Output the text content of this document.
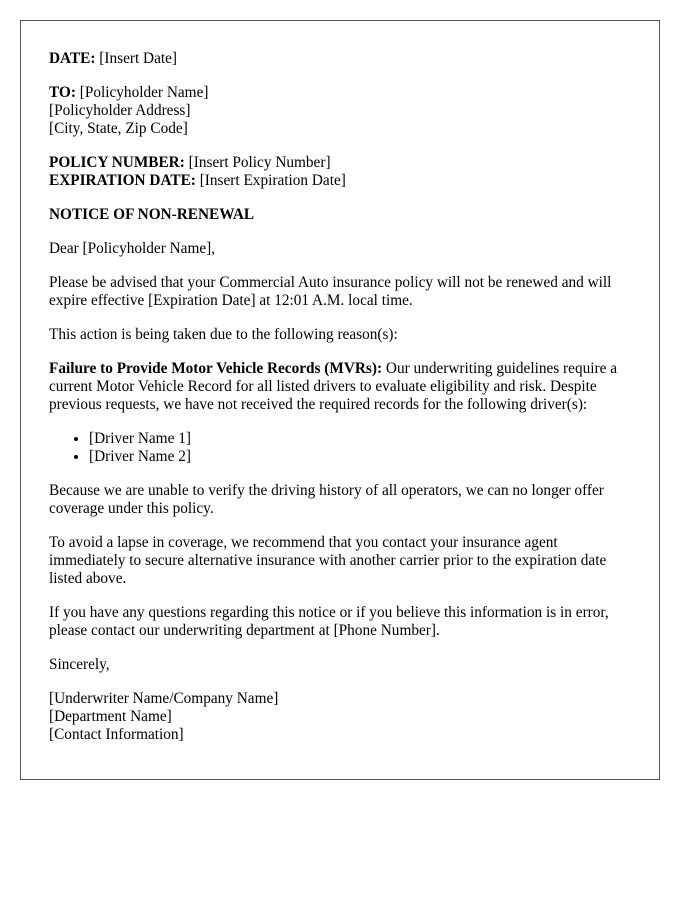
DATE: [Insert Date]

TO: [Policyholder Name]
[Policyholder Address]
[City, State, Zip Code]

POLICY NUMBER: [Insert Policy Number]
EXPIRATION DATE: [Insert Expiration Date]

NOTICE OF NON-RENEWAL

Dear [Policyholder Name],

Please be advised that your Commercial Auto insurance policy will not be renewed and will expire effective [Expiration Date] at 12:01 A.M. local time.

This action is being taken due to the following reason(s):

Failure to Provide Motor Vehicle Records (MVRs): Our underwriting guidelines require a current Motor Vehicle Record for all listed drivers to evaluate eligibility and risk. Despite previous requests, we have not received the required records for the following driver(s):

• [Driver Name 1]
• [Driver Name 2]

Because we are unable to verify the driving history of all operators, we can no longer offer coverage under this policy.

To avoid a lapse in coverage, we recommend that you contact your insurance agent immediately to secure alternative insurance with another carrier prior to the expiration date listed above.

If you have any questions regarding this notice or if you believe this information is in error, please contact our underwriting department at [Phone Number].

Sincerely,

[Underwriter Name/Company Name]
[Department Name]
[Contact Information]
